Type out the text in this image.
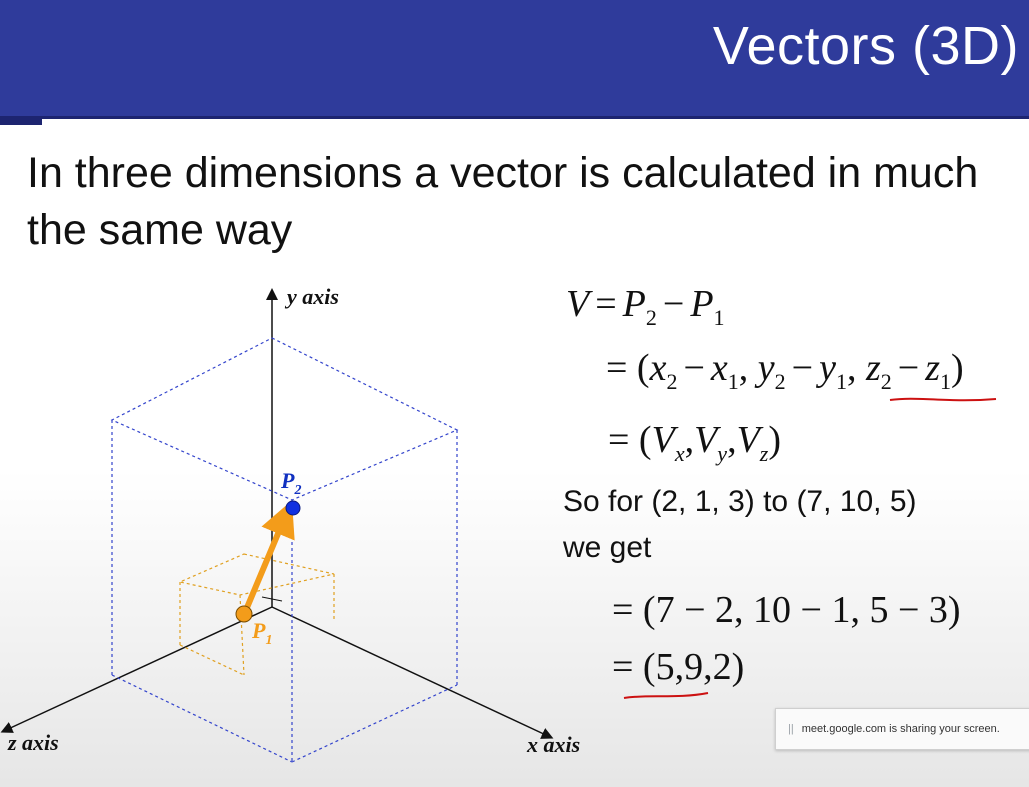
Vectors (3D)
In three dimensions a vector is calculated in much the same way
y axis
x axis
z axis
$P_2$
$P_1$
$V = P_2 - P_1$
= ($x_2 - x_1$, $y_2 - y_1$, $z_2 - z_1$)
= $(V_x,V_y,V_z)$
So for (2, 1, 3) to (7, 10, 5)
we get
= (7 − 2, 10 − 1, 5 − 3)
= (5,9,2)
|| meet.google.com is sharing your screen.
